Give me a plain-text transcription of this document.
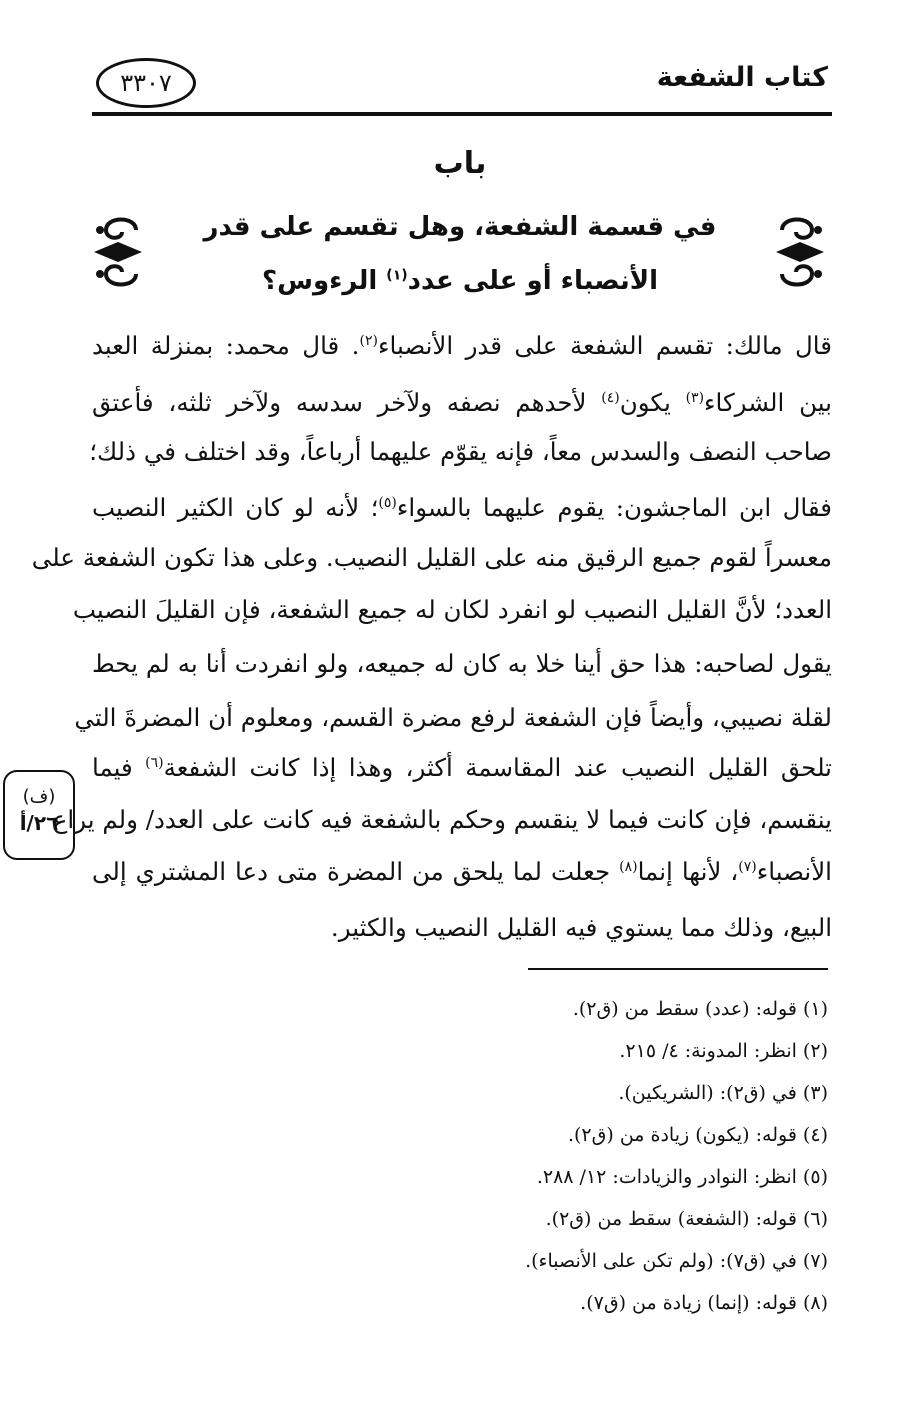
كتاب الشفعة
٣٣٠٧
باب
في قسمة الشفعة، وهل تقسم على قدر
الأنصباء أو على عدد$^{(١)}$ الرءوس؟
قال مالك: تقسم الشفعة على قدر الأنصباء$^{(٢)}$. قال محمد: بمنزلة العبد
بين الشركاء$^{(٣)}$ يكون$^{(٤)}$ لأحدهم نصفه ولآخر سدسه ولآخر ثلثه، فأعتق
صاحب النصف والسدس معاً، فإنه يقوّم عليهما أرباعاً، وقد اختلف في ذلك؛
فقال ابن الماجشون: يقوم عليهما بالسواء$^{(٥)}$؛ لأنه لو كان الكثير النصيب
معسراً لقوم جميع الرقيق منه على القليل النصيب. وعلى هذا تكون الشفعة على
العدد؛ لأنَّ القليل النصيب لو انفرد لكان له جميع الشفعة، فإن القليلَ النصيب
يقول لصاحبه: هذا حق أينا خلا به كان له جميعه، ولو انفردت أنا به لم يحط
لقلة نصيبي، وأيضاً فإن الشفعة لرفع مضرة القسم، ومعلوم أن المضرةَ التي
تلحق القليل النصيب عند المقاسمة أكثر، وهذا إذا كانت الشفعة$^{(٦)}$ فيما
ينقسم، فإن كانت فيما لا ينقسم وحكم بالشفعة فيه كانت على العدد/ ولم يراع
الأنصباء$^{(٧)}$، لأنها إنما$^{(٨)}$ جعلت لما يلحق من المضرة متى دعا المشتري إلى
البيع، وذلك مما يستوي فيه القليل النصيب والكثير.
(ف)
٢٦/أ
(١) قوله: (عدد) سقط من (ق٢).
(٢) انظر: المدونة: ٤/ ٢١٥.
(٣) في (ق٢): (الشريكين).
(٤) قوله: (يكون) زيادة من (ق٢).
(٥) انظر: النوادر والزيادات: ١٢/ ٢٨٨.
(٦) قوله: (الشفعة) سقط من (ق٢).
(٧) في (ق٧): (ولم تكن على الأنصباء).
(٨) قوله: (إنما) زيادة من (ق٧).
